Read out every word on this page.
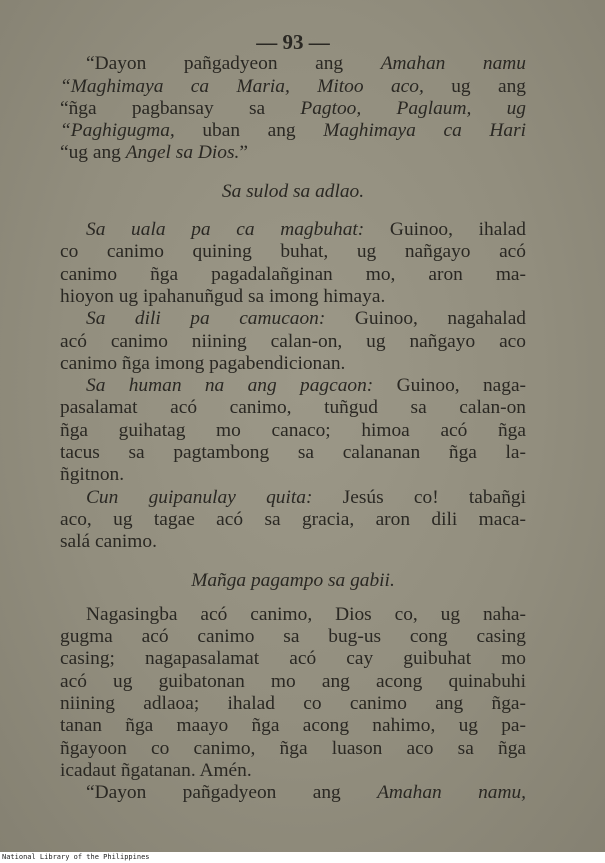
— 93 —
“Dayon pañgadyeon ang Amahan namu
“Maghimaya ca Maria, Mitoo aco, ug ang
“ñga pagbansay sa Pagtoo, Paglaum, ug
“Paghigugma, uban ang Maghimaya ca Hari
“ug ang Angel sa Dios.”
Sa sulod sa adlao.
Sa uala pa ca magbuhat: Guinoo, ihalad
co canimo quining buhat, ug nañgayo acó
canimo ñga pagadalañginan mo, aron ma-
hioyon ug ipahanuñgud sa imong himaya.
Sa dili pa camucaon: Guinoo, nagahalad
acó canimo niining calan-on, ug nañgayo aco
canimo ñga imong pagabendicionan.
Sa human na ang pagcaon: Guinoo, naga-
pasalamat acó canimo, tuñgud sa calan-on
ñga guihatag mo canaco; himoa acó ñga
tacus sa pagtambong sa calananan ñga la-
ñgitnon.
Cun guipanulay quita: Jesús co! tabañgi
aco, ug tagae acó sa gracia, aron dili maca-
salá canimo.
Mañga pagampo sa gabii.
Nagasingba acó canimo, Dios co, ug naha-
gugma acó canimo sa bug-us cong casing
casing; nagapasalamat acó cay guibuhat mo
acó ug guibatonan mo ang acong quinabuhi
niining adlaoa; ihalad co canimo ang ñga-
tanan ñga maayo ñga acong nahimo, ug pa-
ñgayoon co canimo, ñga luason aco sa ñga
icadaut ñgatanan. Amén.
“Dayon pañgadyeon ang Amahan namu,
National Library of the Philippines
